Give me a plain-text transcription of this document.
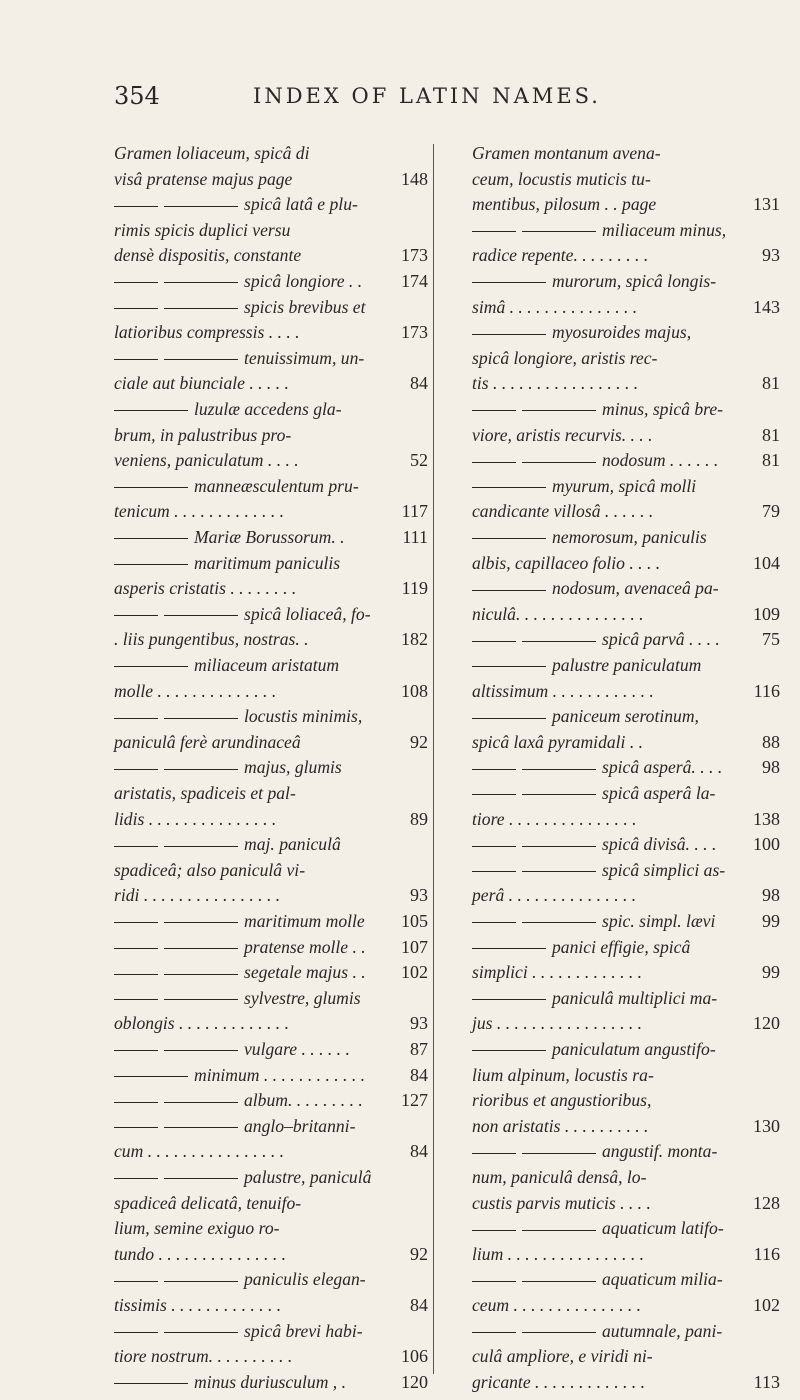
354	INDEX OF LATIN NAMES.
Gramen loliaceum, spicâ di
visâ pratense majus page
spicâ latâ e plu-
rimis spicis duplici versu
densè dispositis, constante
spicâ longiore . .
spicis brevibus et
latioribus compressis . . . .
tenuissimum, un-
ciale aut biunciale . . . . .
luzulæ accedens gla-
brum, in palustribus pro-
veniens, paniculatum . . . .
manneæsculentum pru-
tenicum . . . . . . . . . . . . .
Mariæ Borussorum. .
maritimum paniculis
asperis cristatis . . . . . . . .
spicâ loliaceâ, fo-
. liis pungentibus, nostras. .
miliaceum aristatum
molle . . . . . . . . . . . . . .
locustis minimis,
paniculâ ferè arundinaceâ
majus, glumis
aristatis, spadiceis et pal-
lidis . . . . . . . . . . . . . . .
maj. paniculâ
spadiceâ; also paniculâ vi-
ridi . . . . . . . . . . . . . . . .
maritimum molle
pratense molle . .
segetale majus . .
sylvestre, glumis
oblongis . . . . . . . . . . . . .
vulgare . . . . . .
minimum . . . . . . . . . . . .
album. . . . . . . . .
anglo–britanni-
cum . . . . . . . . . . . . . . . .
palustre, paniculâ
spadiceâ delicatâ, tenuifo-
lium, semine exiguo ro-
tundo . . . . . . . . . . . . . . .
paniculis elegan-
tissimis . . . . . . . . . . . . .
spicâ brevi habi-
tiore nostrum. . . . . . . . . .
minus duriusculum , .
148
173
174
173
84
52
117
111
119
182
108
92
89
93
105
107
102
93
87
84
127
84
92
84
106
120
Gramen montanum avena-
ceum, locustis muticis tu-
mentibus, pilosum . . page
miliaceum minus,
radice repente. . . . . . . . .
murorum, spicâ longis-
simâ . . . . . . . . . . . . . . .
myosuroides majus,
spicâ longiore, aristis rec-
tis . . . . . . . . . . . . . . . . .
minus, spicâ bre-
viore, aristis recurvis. . . .
nodosum . . . . . .
myurum, spicâ molli
candicante villosâ . . . . . .
nemorosum, paniculis
albis, capillaceo folio . . . .
nodosum, avenaceâ pa-
niculâ. . . . . . . . . . . . . . .
spicâ parvâ . . . .
palustre paniculatum
altissimum . . . . . . . . . . . .
paniceum serotinum,
spicâ laxâ pyramidali . .
spicâ asperâ. . . .
spicâ asperâ la-
tiore . . . . . . . . . . . . . . .
spicâ divisâ. . . .
spicâ simplici as-
perâ . . . . . . . . . . . . . . .
spic. simpl. lævi
panici effigie, spicâ
simplici . . . . . . . . . . . . .
paniculâ multiplici ma-
jus . . . . . . . . . . . . . . . . .
paniculatum angustifo-
lium alpinum, locustis ra-
rioribus et angustioribus,
non aristatis . . . . . . . . . .
angustif. monta-
num, paniculâ densâ, lo-
custis parvis muticis . . . .
aquaticum latifo-
lium . . . . . . . . . . . . . . . .
aquaticum milia-
ceum . . . . . . . . . . . . . . .
autumnale, pani-
culâ ampliore, e viridi ni-
gricante . . . . . . . . . . . . .
131
93
143
81
81
81
79
104
109
75
116
88
98
138
100
98
99
99
120
130
128
116
102
113
